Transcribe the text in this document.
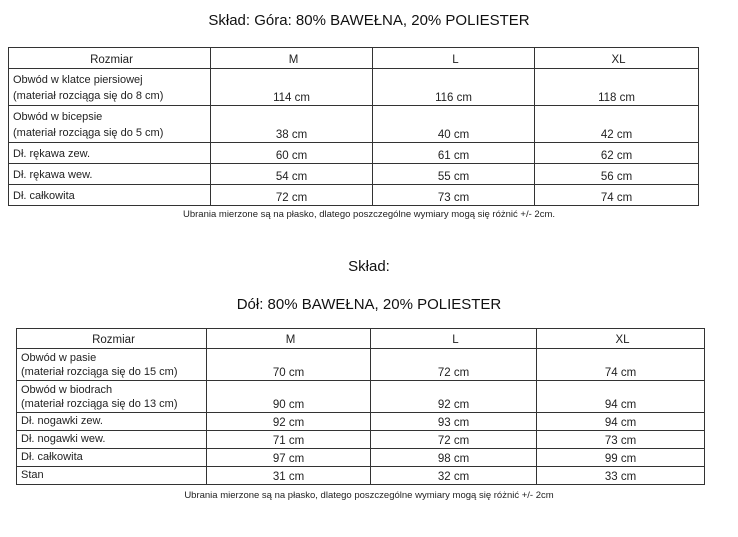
Skład: Góra: 80% BAWEŁNA, 20% POLIESTER
Rozmiar	M	L	XL

Obwód w klatce piersiowej
(materiał rozciąga się do 8 cm)	114 cm	116 cm	118 cm

Obwód w bicepsie
(materiał rozciąga się do 5 cm)	38 cm	40 cm	42 cm
Dł. rękawa zew.	60 cm	61 cm	62 cm
Dł. rękawa wew.	54 cm	55 cm	56 cm
Dł. całkowita	72 cm	73 cm	74 cm
Ubrania mierzone są na płasko, dlatego poszczególne wymiary mogą się różnić +/- 2cm.
Skład:
Dół: 80% BAWEŁNA, 20% POLIESTER
Rozmiar	M	L	XL

Obwód w pasie
(materiał rozciąga się do 15 cm)	70 cm	72 cm	74 cm

Obwód w biodrach
(materiał rozciąga się do 13 cm)	90 cm	92 cm	94 cm
Dł. nogawki zew.	92 cm	93 cm	94 cm
Dł. nogawki wew.	71 cm	72 cm	73 cm
Dł. całkowita	97 cm	98 cm	99 cm
Stan	31 cm	32 cm	33 cm
Ubrania mierzone są na płasko, dlatego poszczególne wymiary mogą się różnić +/- 2cm
